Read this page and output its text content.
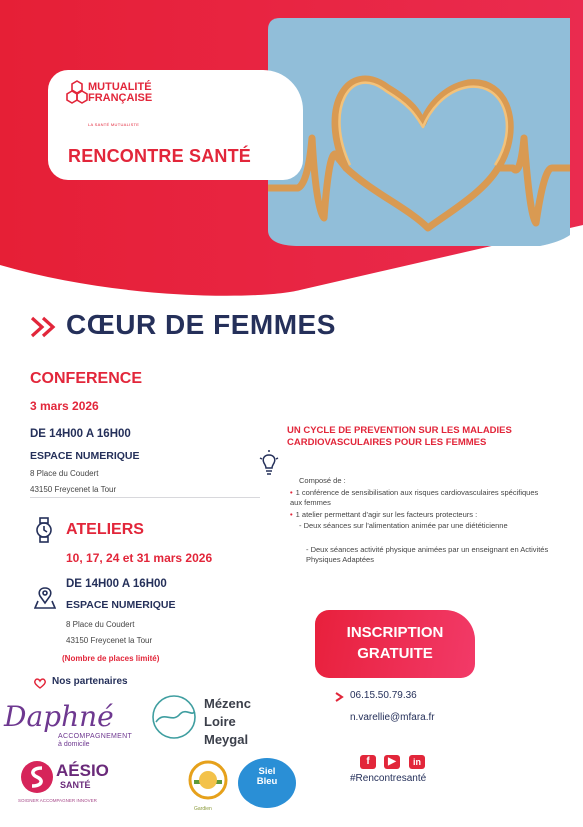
MUTUALITÉ
FRANÇAISE
LA SANTÉ MUTUALISTE
RENCONTRE SANTÉ
CŒUR DE FEMMES
CONFERENCE
3 mars 2026
DE 14H00 A 16H00
ESPACE NUMERIQUE
8 Place du Coudert
43150 Freycenet la Tour
ATELIERS
10, 17, 24 et 31 mars 2026
DE 14H00 A 16H00
ESPACE NUMERIQUE
8 Place du Coudert
43150 Freycenet la Tour
(Nombre de places limité)
UN CYCLE DE PREVENTION SUR LES MALADIES CARDIOVASCULAIRES POUR LES FEMMES
Composé de :
• 1 conférence de sensibilisation aux risques cardiovasculaires spécifiques aux femmes
• 1 atelier permettant d'agir sur les facteurs protecteurs :
- Deux séances sur l'alimentation animée par une diététicienne
- Deux séances activité physique animées par un enseignant en Activités Physiques Adaptées
INSCRIPTION
GRATUITE
06.15.50.79.36
n.varellie@mfara.fr
f	▶	in
#Rencontresanté
Nos partenaires
Daphné
ACCOMPAGNEMENT
à domicile
AÉSIO
SANTÉ
SOIGNER ACCOMPAGNER INNOVER
Mézenc
Loire
Meygal
Gardien
Siel
Bleu
